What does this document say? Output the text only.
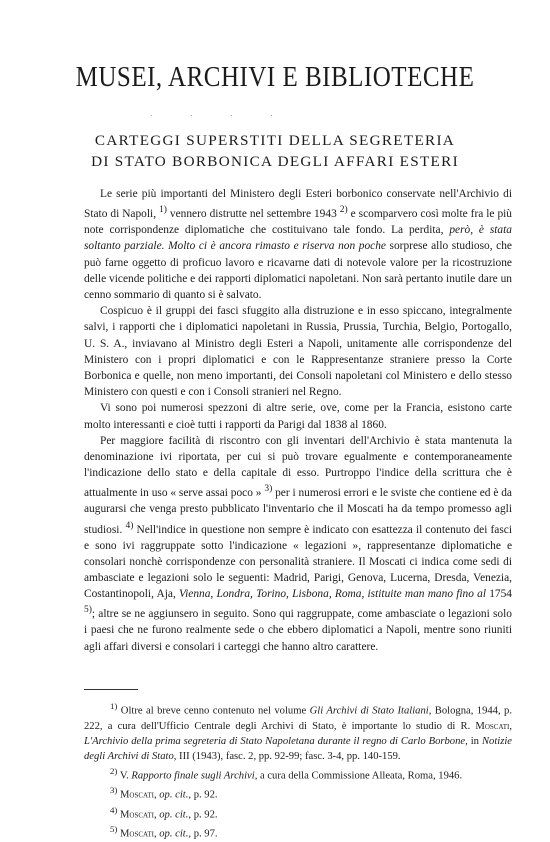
MUSEI, ARCHIVI E BIBLIOTECHE
· · · ·
CARTEGGI SUPERSTITI DELLA SEGRETERIA
DI STATO BORBONICA DEGLI AFFARI ESTERI

Le serie più importanti del Ministero degli Esteri borbonico conservate nell'Archivio di Stato di Napoli, $^{1)}$ vennero distrutte nel settembre 1943 $^{2)}$ e scomparvero così molte fra le più note corrispondenze diplomatiche che costituivano tale fondo. La perdita, però, è stata soltanto parziale. Molto ci è ancora rimasto e riserva non poche sorprese allo studioso, che può farne oggetto di proficuo lavoro e ricavarne dati di notevole valore per la ricostruzione delle vicende politiche e dei rapporti diplomatici napoletani. Non sarà pertanto inutile dare un cenno sommario di quanto si è salvato.

Cospicuo è il gruppi dei fasci sfuggito alla distruzione e in esso spiccano, integralmente salvi, i rapporti che i diplomatici napoletani in Russia, Prussia, Turchia, Belgio, Portogallo, U. S. A., inviavano al Ministro degli Esteri a Napoli, unitamente alle corrispondenze del Ministero con i propri diplomatici e con le Rappresentanze straniere presso la Corte Borbonica e quelle, non meno importanti, dei Consoli napoletani col Ministero e dello stesso Ministero con questi e con i Consoli stranieri nel Regno.

Vi sono poi numerosi spezzoni di altre serie, ove, come per la Francia, esistono carte molto interessanti e cioè tutti i rapporti da Parigi dal 1838 al 1860.

Per maggiore facilità di riscontro con gli inventari dell'Archivio è stata mantenuta la denominazione ivi riportata, per cui si può trovare egualmente e contemporaneamente l'indicazione dello stato e della capitale di esso. Purtroppo l'indice della scrittura che è attualmente in uso « serve assai poco » $^{3)}$ per i numerosi errori e le sviste che contiene ed è da augurarsi che venga presto pubblicato l'inventario che il Moscati ha da tempo promesso agli studiosi. $^{4)}$ Nell'indice in questione non sempre è indicato con esattezza il contenuto dei fasci e sono ivi raggruppate sotto l'indicazione « legazioni », rappresentanze diplomatiche e consolari nonchè corrispondenze con personalità straniere. Il Moscati ci indica come sedi di ambasciate e legazioni solo le seguenti: Madrid, Parigi, Genova, Lucerna, Dresda, Venezia, Costantinopoli, Aja, Vienna, Londra, Torino, Lisbona, Roma, istituite man mano fino al 1754 $^{5)}$; altre se ne aggiunsero in seguito. Sono qui raggruppate, come ambasciate o legazioni solo i paesi che ne furono realmente sede o che ebbero diplomatici a Napoli, mentre sono riuniti agli affari diversi e consolari i carteggi che hanno altro carattere.

$^{1)}$ Oltre al breve cenno contenuto nel volume Gli Archivi di Stato Italiani, Bologna, 1944, p. 222, a cura dell'Ufficio Centrale degli Archivi di Stato, è importante lo studio di R. Moscati, L'Archivio della prima segreteria di Stato Napoletana durante il regno di Carlo Borbone, in Notizie degli Archivi di Stato, III (1943), fasc. 2, pp. 92-99; fasc. 3-4, pp. 140-159.

$^{2)}$ V. Rapporto finale sugli Archivi, a cura della Commissione Alleata, Roma, 1946.

$^{3)}$ Moscati, op. cit., p. 92.

$^{4)}$ Moscati, op. cit., p. 92.

$^{5)}$ Moscati, op. cit., p. 97.
